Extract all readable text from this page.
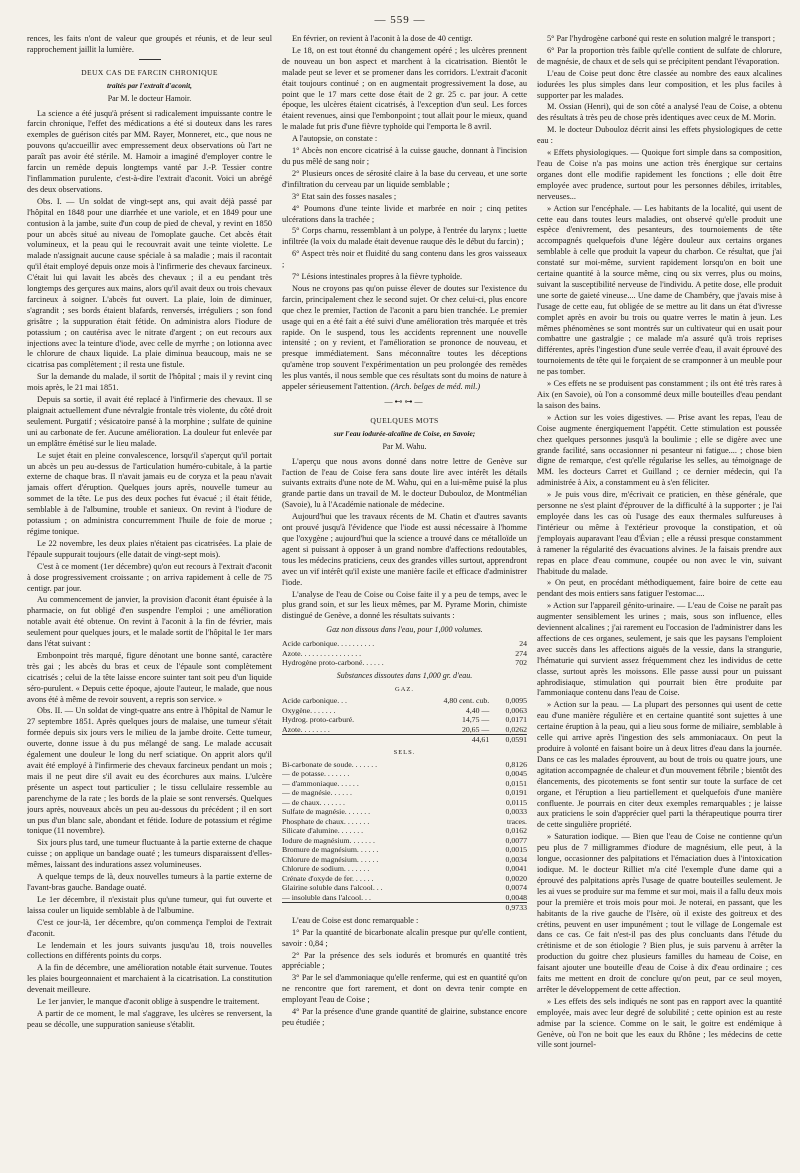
— 559 —

rences, les faits n'ont de valeur que groupés et réunis, et de leur seul rapprochement jaillit la lumière.

DEUX CAS DE FARCIN CHRONIQUE
traités par l'extrait d'aconit,
Par M. le docteur Hamoir.

La science a été jusqu'à présent si radicalement impuissante contre le farcin chronique, l'effet des médications a été si douteux dans les rares exemples de guérison cités par MM. Rayer, Monneret, etc., que nous ne pouvons qu'accueillir avec empressement deux observations où l'art ne paraît pas avoir été stérile. M. Hamoir a imaginé d'employer contre le farcin un remède depuis longtemps vanté par J.-P. Tessier contre l'inflammation purulente, c'est-à-dire l'extrait d'aconit. Voici un abrégé des deux observations.

Obs. I. — Un soldat de vingt-sept ans, qui avait déjà passé par l'hôpital en 1848 pour une diarrhée et une variole, et en 1849 pour une contusion à la jambe, suite d'un coup de pied de cheval, y revint en 1850 pour un abcès situé au niveau de l'omoplate gauche. Cet abcès était volumineux, et la peau qui le recouvrait avait une teinte violette. Le malade n'assignait aucune cause spéciale à sa maladie ; mais il racontait qu'il était employé depuis onze mois à l'infirmerie des chevaux farcineux. C'était lui qui lavait les abcès des chevaux ; il a eu pendant très longtemps des gerçures aux mains, alors qu'il avait deux ou trois chevaux farcineux à soigner. L'abcès fut ouvert. La plaie, loin de diminuer, s'agrandit ; ses bords étaient blafards, renversés, irréguliers ; son fond grisâtre ; la suppuration était fétide. On administra alors l'iodure de potassium ; on cautérisa avec le nitrate d'argent ; on eut recours aux injections avec la teinture d'iode, avec celle de myrrhe ; on lotionna avec le chlorure de chaux liquide. La plaie diminua beaucoup, mais ne se cicatrisa pas complètement ; il resta une fistule.

Sur la demande du malade, il sortit de l'hôpital ; mais il y revint cinq mois après, le 21 mai 1851.

Depuis sa sortie, il avait été replacé à l'infirmerie des chevaux. Il se plaignait actuellement d'une névralgie frontale très violente, du côté droit seulement. Purgatif ; vésicatoire pansé à la morphine ; sulfate de quinine uni au carbonate de fer. Aucune amélioration. La douleur fut enlevée par un emplâtre émétisé sur le lieu malade.

Le sujet était en pleine convalescence, lorsqu'il s'aperçut qu'il portait un abcès un peu au-dessus de l'articulation huméro-cubitale, à la partie externe de chaque bras. Il n'avait jamais eu de coryza et la peau n'avait jamais offert d'éruption. Quelques jours après, nouvelle tumeur au sommet de la tête. Le pus des deux poches fut évacué ; il était fétide, semblable à de l'albumine, trouble et sanieux. On revint à l'iodure de potassium ; on administra concurremment l'huile de foie de morue ; régime tonique.

Le 22 novembre, les deux plaies n'étaient pas cicatrisées. La plaie de l'épaule suppurait toujours (elle datait de vingt-sept mois).

C'est à ce moment (1er décembre) qu'on eut recours à l'extrait d'aconit à dose progressivement croissante ; on arriva rapidement à celle de 75 centigr. par jour.

Au commencement de janvier, la provision d'aconit étant épuisée à la pharmacie, on fut obligé d'en suspendre l'emploi ; une amélioration notable avait été obtenue. On revint à l'aconit à la fin de février, mais seulement pour quelques jours, et le malade sortit de l'hôpital le 1er mars dans l'état suivant :

Embonpoint très marqué, figure dénotant une bonne santé, caractère très gai ; les abcès du bras et ceux de l'épaule sont complètement cicatrisés ; celui de la tête laisse encore suinter tant soit peu d'un liquide séro-purulent. « Depuis cette époque, ajoute l'auteur, le malade, que nous avons été à même de revoir souvent, a repris son service. »

Obs. II. — Un soldat de vingt-quatre ans entre à l'hôpital de Namur le 27 septembre 1851. Après quelques jours de malaise, une tumeur s'était formée depuis six jours vers le milieu de la jambe droite. Cette tumeur, ouverte, donne issue à du pus mélangé de sang. Le malade accusait également une douleur le long du nerf sciatique. On apprit alors qu'il avait été employé à l'infirmerie des chevaux farcineux pendant un mois ; mais il ne peut dire s'il avait eu des écorchures aux mains. L'ulcère présente un aspect tout particulier ; le tissu cellulaire ressemble au parenchyme de la rate ; les bords de la plaie se sont renversés. Quelques jours après, nouveaux abcès un peu au-dessous du précédent ; il en sort un pus d'un blanc sale, abondant et fétide. Iodure de potassium et régime tonique (11 novembre).

Six jours plus tard, une tumeur fluctuante à la partie externe de chaque cuisse ; on applique un bandage ouaté ; les tumeurs disparaissent d'elles-mêmes, laissant des indurations assez volumineuses.

A quelque temps de là, deux nouvelles tumeurs à la partie externe de l'avant-bras gauche. Bandage ouaté.

Le 1er décembre, il n'existait plus qu'une tumeur, qui fut ouverte et laissa couler un liquide semblable à de l'albumine.

C'est ce jour-là, 1er décembre, qu'on commença l'emploi de l'extrait d'aconit.

Le lendemain et les jours suivants jusqu'au 18, trois nouvelles collections en différents points du corps.

A la fin de décembre, une amélioration notable était survenue. Toutes les plaies bourgeonnaient et marchaient à la cicatrisation. La constitution devenait meilleure.

Le 1er janvier, le manque d'aconit oblige à suspendre le traitement.

A partir de ce moment, le mal s'aggrave, les ulcères se renversent, la peau se décolle, une suppuration sanieuse s'établit.

En février, on revient à l'aconit à la dose de 40 centigr.

Le 18, on est tout étonné du changement opéré ; les ulcères prennent de nouveau un bon aspect et marchent à la cicatrisation. Bientôt le malade peut se lever et se promener dans les corridors. L'extrait d'aconit était toujours continué ; on en augmentait progressivement la dose, au point que le 17 mars cette dose était de 2 gr. 25 c. par jour. A cette époque, les ulcères étaient cicatrisés, à l'exception d'un seul. Les forces étaient revenues, ainsi que l'embonpoint ; tout allait pour le mieux, quand le malade fut pris d'une fièvre typhoïde qui l'emporta le 8 avril.

A l'autopsie, on constate :

1° Abcès non encore cicatrisé à la cuisse gauche, donnant à l'incision du pus mêlé de sang noir ;

2° Plusieurs onces de sérosité claire à la base du cerveau, et une sorte d'infiltration du cerveau par un liquide semblable ;

3° Etat sain des fosses nasales ;

4° Poumons d'une teinte livide et marbrée en noir ; cinq petites ulcérations dans la trachée ;

5° Corps charnu, ressemblant à un polype, à l'entrée du larynx ; luette infiltrée (la voix du malade était devenue rauque dès le début du farcin) ;

6° Aspect très noir et fluidité du sang contenu dans les gros vaisseaux ;

7° Lésions intestinales propres à la fièvre typhoïde.

Nous ne croyons pas qu'on puisse élever de doutes sur l'existence du farcin, principalement chez le second sujet. Or chez celui-ci, plus encore que chez le premier, l'action de l'aconit a paru bien tranchée. Le premier usage qui en a été fait a été suivi d'une amélioration très marquée et très rapide. On le suspend, tous les accidents reprennent une nouvelle intensité ; on y revient, et l'amélioration se prononce de nouveau, et presque immédiatement. Sans méconnaître toutes les déceptions qu'amène trop souvent l'expérimentation un peu prolongée des remèdes les plus vantés, il nous semble que ces résultats sont du moins de nature à appeler sérieusement l'attention. (Arch. belges de méd. mil.)

—⊷⊶—
QUELQUES MOTS
sur l'eau iodurée-alcaline de Coise, en Savoie;
Par M. Wahu.

L'aperçu que nous avons donné dans notre lettre de Genève sur l'action de l'eau de Coise fera sans doute lire avec intérêt les détails suivants extraits d'une note de M. Wahu, qui en a lui-même puisé la plus grande partie dans un travail de M. le docteur Dubouloz, de Montmélian (Savoie), lu à l'Académie nationale de médecine.

Aujourd'hui que les travaux récents de M. Chatin et d'autres savants ont prouvé jusqu'à l'évidence que l'iode est aussi nécessaire à l'homme que l'oxygène ; aujourd'hui que la science a trouvé dans ce métalloïde un agent si puissant à opposer à un grand nombre d'affections redoutables, tous les médecins praticiens, ceux des grandes villes surtout, apprendront avec un vif intérêt qu'il existe une manière facile et efficace d'administrer l'iode.

L'analyse de l'eau de Coise ou Coise faite il y a peu de temps, avec le plus grand soin, et sur les lieux mêmes, par M. Pyrame Morin, chimiste distingué de Genève, a donné les résultats suivants :

Gaz non dissous dans l'eau, pour 1,000 volumes.
Acide carbonique. . . . . . . . . .	24
Azote. . . . . . . . . . . . . . . .	274
Hydrogène proto-carboné. . . . . .	702
Substances dissoutes dans 1,000 gr. d'eau.
GAZ.
Acide carbonique. . .	4,80 cent. cub.	0,0095
Oxygène. . . . . . .	4,40 —	0,0063
Hydrog. proto-carburé.	14,75 —	0,0171
Azote. . . . . . . .	20,65 —	0,0262
	44,61	0,0591
SELS.
Bi-carbonate de soude. . . . . . .	0,8126
— de potasse. . . . . . .	0,0045
— d'ammoniaque. . . . . .	0,0151
— de magnésie. . . . . .	0,0191
— de chaux. . . . . . .	0,0115
Sulfate de magnésie. . . . . . .	0,0033
Phosphate de chaux. . . . . . .	traces.
Silicate d'alumine. . . . . . .	0,0162
Iodure de magnésium. . . . . . .	0,0077
Bromure de magnésium. . . . . .	0,0015
Chlorure de magnésium. . . . . .	0,0034
Chlorure de sodium. . . . . . .	0,0041
Crénate d'oxyde de fer. . . . . .	0,0020
Glairine soluble dans l'alcool. . .	0,0074
— insoluble dans l'alcool. . .	0,0048
	0,9733

L'eau de Coise est donc remarquable :

1° Par la quantité de bicarbonate alcalin presque pur qu'elle contient, savoir : 0,84 ;

2° Par la présence des sels iodurés et bromurés en quantité très appréciable ;

3° Par le sel d'ammoniaque qu'elle renferme, qui est en quantité qu'on ne rencontre que fort rarement, et dont on devra tenir compte en employant l'eau de Coise ;

4° Par la présence d'une grande quantité de glairine, substance encore peu étudiée ;

5° Par l'hydrogène carboné qui reste en solution malgré le transport ;

6° Par la proportion très faible qu'elle contient de sulfate de chlorure, de magnésie, de chaux et de sels qui se précipitent pendant l'évaporation.

L'eau de Coise peut donc être classée au nombre des eaux alcalines iodurées les plus simples dans leur composition, et les plus faciles à supporter par les malades.

M. Ossian (Henri), qui de son côté a analysé l'eau de Coise, a obtenu des résultats à très peu de chose près identiques avec ceux de M. Morin.

M. le docteur Dubouloz décrit ainsi les effets physiologiques de cette eau :

« Effets physiologiques. — Quoique fort simple dans sa composition, l'eau de Coise n'a pas moins une action très énergique sur certains organes dont elle modifie rapidement les fonctions ; elle doit être employée avec prudence, surtout pour les personnes débiles, irritables, nerveuses...

» Action sur l'encéphale. — Les habitants de la localité, qui usent de cette eau dans toutes leurs maladies, ont observé qu'elle produit une espèce d'enivrement, des pesanteurs, des tournoiements de tête accompagnés quelquefois d'une légère douleur aux certains organes semblable à celle que produit la vapeur du charbon. Ce résultat, que j'ai constaté sur moi-même, survient rapidement lorsqu'on en boit une certaine quantité à la source même, cinq ou six verres, plus ou moins, suivant la susceptibilité nerveuse de l'individu. A petite dose, elle produit une sorte de gaieté vineuse.... Une dame de Chambéry, que j'avais mise à l'usage de cette eau, fut obligée de se mettre au lit dans un état d'ivresse complet après en avoir bu trois ou quatre verres le matin à jeun. Les mêmes phénomènes se sont montrés sur un cultivateur qui en usait pour combattre une gastralgie ; ce malade m'a assuré qu'à trois reprises différentes, après l'ingestion d'une seule verrée d'eau, il avait éprouvé des tournoiements de tête qui le forçaient de se cramponner à un meuble pour ne pas tomber.

» Ces effets ne se produisent pas constamment ; ils ont été très rares à Aix (en Savoie), où l'on a consommé deux mille bouteilles d'eau pendant la saison des bains.

» Action sur les voies digestives. — Prise avant les repas, l'eau de Coise augmente énergiquement l'appétit. Cette stimulation est poussée chez quelques personnes jusqu'à la boulimie ; elle se digère avec une grande facilité, sans occasionner ni pesanteur ni fatigue.... ; chose bien digne de remarque, c'est qu'elle régularise les selles, au témoignage de MM. les docteurs Carret et Guilland ; ce dernier médecin, qui l'a administrée à Aix, a constamment eu à s'en féliciter.

» Je puis vous dire, m'écrivait ce praticien, en thèse générale, que personne ne s'est plaint d'éprouver de la difficulté à la supporter ; je l'ai employée dans les cas où l'usage des eaux thermales sulfureuses à l'intérieur ou même à l'extérieur provoque la constipation, et où j'employais auparavant l'eau d'Évian ; elle a réussi presque constamment à ramener la régularité des évacuations alvines. Je la faisais prendre aux repas en place d'eau commune, coupée ou non avec le vin, suivant l'habitude du malade.

» On peut, en procédant méthodiquement, faire boire de cette eau pendant des mois entiers sans fatiguer l'estomac....

» Action sur l'appareil génito-urinaire. — L'eau de Coise ne paraît pas augmenter sensiblement les urines ; mais, sous son influence, elles deviennent alcalines ; j'ai rarement eu l'occasion de l'administrer dans les affections de ces organes, seulement, je sais que les paysans l'emploient avec succès dans les affections aiguës de la vessie, dans la strangurie, l'hématurie qui survient assez fréquemment chez les individus de cette classe, surtout après les moissons. Elle passe aussi pour un puissant aphrodisiaque, stimulation qui pourrait bien être produite par l'ammoniaque contenu dans l'eau de Coise.

» Action sur la peau. — La plupart des personnes qui usent de cette eau d'une manière régulière et en certaine quantité sont sujettes à une certaine éruption à la peau, qui a lieu sous forme de miliaire, semblable à celle qui arrive après l'ingestion des sels ammoniacaux. On peut la produire à volonté en faisant boire un à deux litres d'eau dans la journée. Dans ce cas les malades éprouvent, au bout de trois ou quatre jours, une agitation accompagnée de chaleur et d'un mouvement fébrile ; bientôt des élancements, des picotements se font sentir sur toute la surface de cet organe, et l'éruption a lieu partiellement et quelquefois d'une manière confluente. Je pourrais en citer deux exemples remarquables ; je laisse aux praticiens le soin d'apprécier quel parti la thérapeutique pourra tirer de cette singulière propriété.

» Saturation iodique. — Bien que l'eau de Coise ne contienne qu'un peu plus de 7 milligrammes d'iodure de magnésium, elle peut, à la longue, occasionner des palpitations et l'émaciation dues à l'intoxication iodique. M. le docteur Rilliet m'a cité l'exemple d'une dame qui a éprouvé des palpitations après l'usage de quatre bouteilles seulement. Je les ai vues se produire sur ma femme et sur moi, mais il a fallu deux mois pour la première et trois mois pour moi. Je noterai, en passant, que les habitants de la rive gauche de l'Isère, où il existe des goitreux et des crétins, peuvent en user impunément ; tout le village de Longemale est dans ce cas. Ce fait n'est-il pas des plus concluants dans l'étude du crétinisme et de son étiologie ? Bien plus, je suis parvenu à arrêter la production du goitre chez plusieurs familles du hameau de Coise, en faisant ajouter une bouteille d'eau de Coise à dix d'eau ordinaire ; ces faits me mettent en droit de conclure qu'on peut, par ce seul moyen, arrêter le développement de cette affection.

» Les effets des sels indiqués ne sont pas en rapport avec la quantité employée, mais avec leur degré de solubilité ; cette opinion est au reste admise par la science. Comme on le sait, le goitre est endémique à Genève, où l'on ne boit que les eaux du Rhône ; les médecins de cette ville sont journel-
